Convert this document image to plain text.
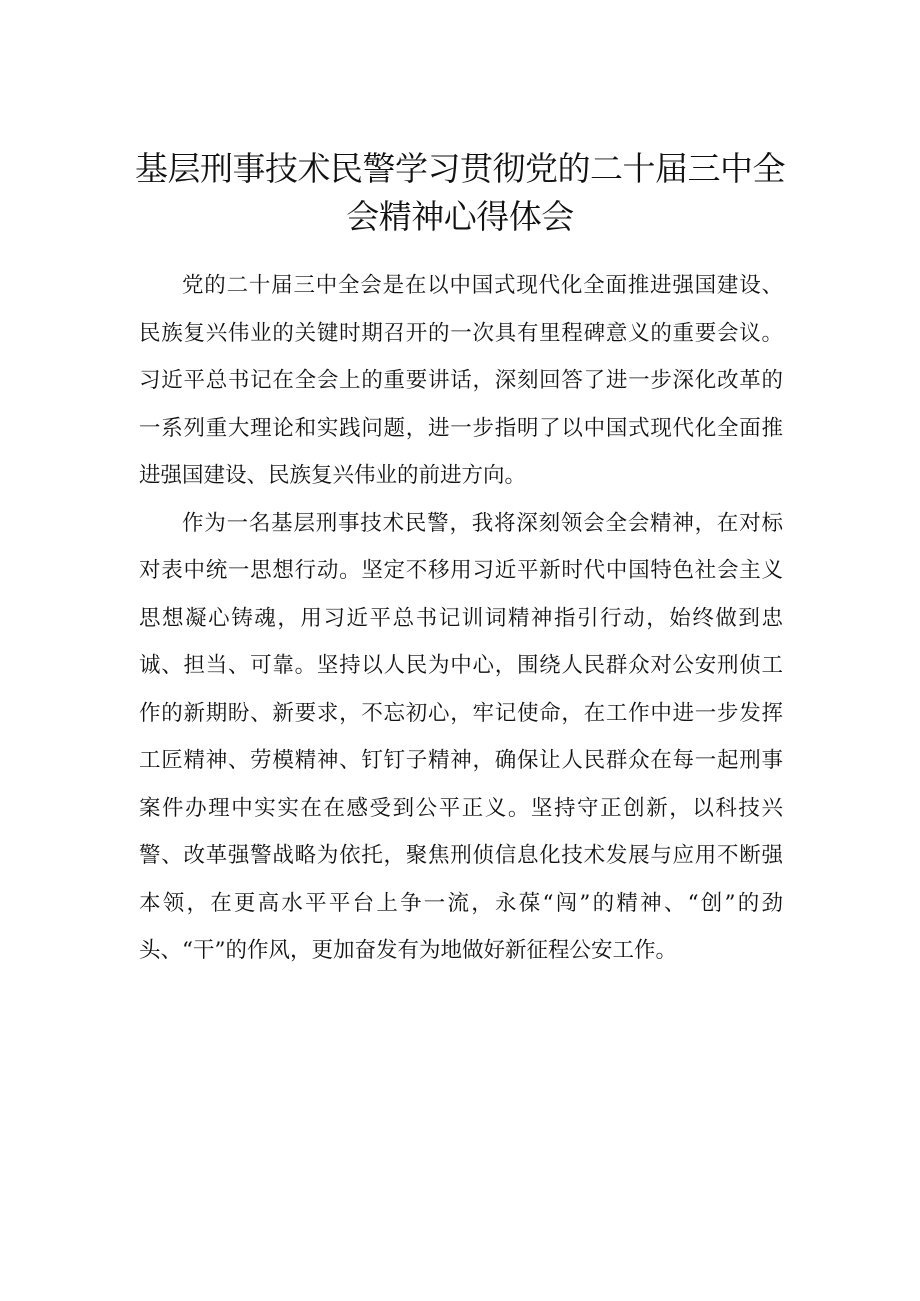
基层刑事技术民警学习贯彻党的二十届三中全会精神心得体会

党的二十届三中全会是在以中国式现代化全面推进强国建设、民族复兴伟业的关键时期召开的一次具有里程碑意义的重要会议。习近平总书记在全会上的重要讲话，深刻回答了进一步深化改革的一系列重大理论和实践问题，进一步指明了以中国式现代化全面推进强国建设、民族复兴伟业的前进方向。

作为一名基层刑事技术民警，我将深刻领会全会精神，在对标对表中统一思想行动。坚定不移用习近平新时代中国特色社会主义思想凝心铸魂，用习近平总书记训词精神指引行动，始终做到忠诚、担当、可靠。坚持以人民为中心，围绕人民群众对公安刑侦工作的新期盼、新要求，不忘初心，牢记使命，在工作中进一步发挥工匠精神、劳模精神、钉钉子精神，确保让人民群众在每一起刑事案件办理中实实在在感受到公平正义。坚持守正创新，以科技兴警、改革强警战略为依托，聚焦刑侦信息化技术发展与应用不断强本领，在更高水平平台上争一流，永葆“闯”的精神、“创”的劲头、“干”的作风，更加奋发有为地做好新征程公安工作。
